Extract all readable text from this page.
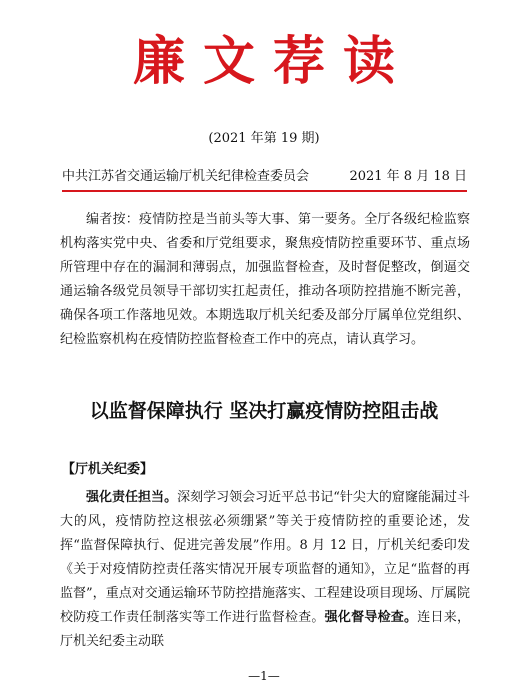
廉文荐读
(2021 年第 19 期)
中共江苏省交通运输厅机关纪律检查委员会	2021 年 8 月 18 日
编者按：疫情防控是当前头等大事、第一要务。全厅各级纪检监察机构落实党中央、省委和厅党组要求，聚焦疫情防控重要环节、重点场所管理中存在的漏洞和薄弱点，加强监督检查，及时督促整改，倒逼交通运输各级党员领导干部切实扛起责任，推动各项防控措施不断完善，确保各项工作落地见效。本期选取厅机关纪委及部分厅属单位党组织、纪检监察机构在疫情防控监督检查工作中的亮点，请认真学习。
以监督保障执行 坚决打赢疫情防控阻击战
【厅机关纪委】
强化责任担当。深刻学习领会习近平总书记“针尖大的窟窿能漏过斗大的风，疫情防控这根弦必须绷紧”等关于疫情防控的重要论述，发挥“监督保障执行、促进完善发展”作用。8 月 12 日，厅机关纪委印发《关于对疫情防控责任落实情况开展专项监督的通知》，立足“监督的再监督”，重点对交通运输环节防控措施落实、工程建设项目现场、厅属院校防疫工作责任制落实等工作进行监督检查。强化督导检查。连日来，厅机关纪委主动联
—1—
